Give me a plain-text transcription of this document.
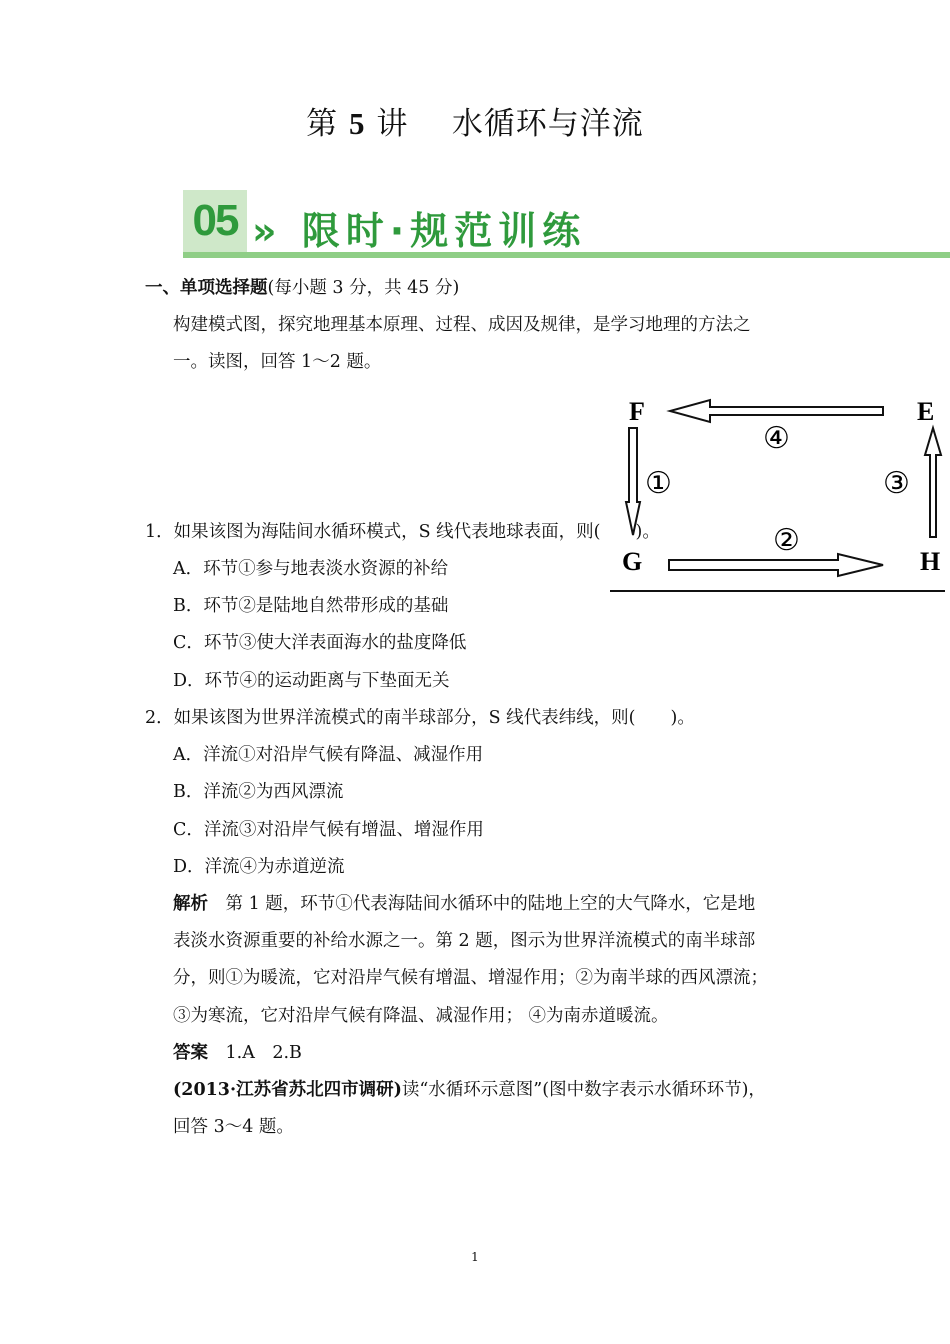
第 5 讲 水循环与洋流
05 » 限时·规范训练
一、单项选择题(每小题 3 分，共 45 分)
构建模式图，探究地理基本原理、过程、成因及规律，是学习地理的方法之
一。读图，回答 1～2 题。
F	E
G	H
④
①	③
②
1．如果该图为海陆间水循环模式，S 线代表地球表面，则(　　)。
A．环节①参与地表淡水资源的补给
B．环节②是陆地自然带形成的基础
C．环节③使大洋表面海水的盐度降低
D．环节④的运动距离与下垫面无关
2．如果该图为世界洋流模式的南半球部分，S 线代表纬线，则(　　)。
A．洋流①对沿岸气候有降温、减湿作用
B．洋流②为西风漂流
C．洋流③对沿岸气候有增温、增湿作用
D．洋流④为赤道逆流
解析　第 1 题，环节①代表海陆间水循环中的陆地上空的大气降水，它是地
表淡水资源重要的补给水源之一。第 2 题，图示为世界洋流模式的南半球部
分，则①为暖流，它对沿岸气候有增温、增湿作用；②为南半球的西风漂流；
③为寒流，它对沿岸气候有降温、减湿作用； ④为南赤道暖流。
答案　1.A　2.B
(2013·江苏省苏北四市调研)读“水循环示意图”(图中数字表示水循环环节)，
回答 3～4 题。
1
